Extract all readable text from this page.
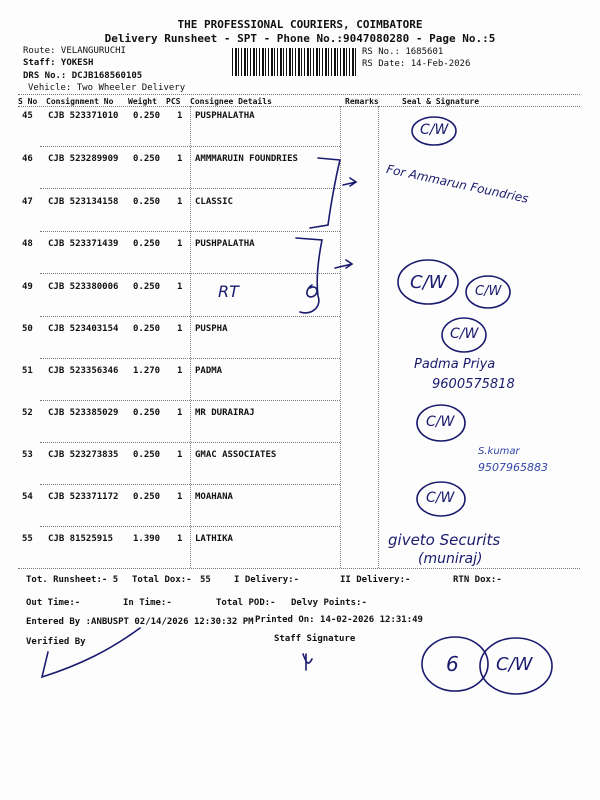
THE PROFESSIONAL COURIERS, COIMBATORE
Delivery Runsheet - SPT - Phone No.:9047080280 - Page No.:5
Route: VELANGURUCHI
Staff: YOKESH
DRS No.: DCJB168560105
Vehicle: Two Wheeler Delivery
RS No.: 1685601
RS Date: 14-Feb-2026
S No Consignment No Weight PCS Consignee Details	Remarks	Seal & Signature
45 CJB 523371010 0.250 1 PUSPHALATHA
46 CJB 523289909 0.250 1 AMMMARUIN FOUNDRIES
47 CJB 523134158 0.250 1 CLASSIC
48 CJB 523371439 0.250 1 PUSHPALATHA
49 CJB 523380006 0.250 1
50 CJB 523403154 0.250 1 PUSPHA
51 CJB 523356346 1.270 1 PADMA
52 CJB 523385029 0.250 1 MR DURAIRAJ
53 CJB 523273835 0.250 1 GMAC ASSOCIATES
54 CJB 523371172 0.250 1 MOAHANA
55 CJB 81525915 1.390 1 LATHIKA
Tot. Runsheet:- 5 Total Dox:- 55	I Delivery:-	II Delivery:-	RTN Dox:-
Out Time:-	In Time:-	Total POD:- Delvy Points:-
Entered By :ANBUSPT 02/14/2026 12:30:32 PM Printed On: 14-02-2026 12:31:49
Verified By	Staff Signature
C/W
For Ammarun Foundries
RT	C/W C/W
C/W
Padma Priya
9600575818
C/W
S.kumar
9507965883
C/W
giveto Securits
(muniraj)
6 C/W
